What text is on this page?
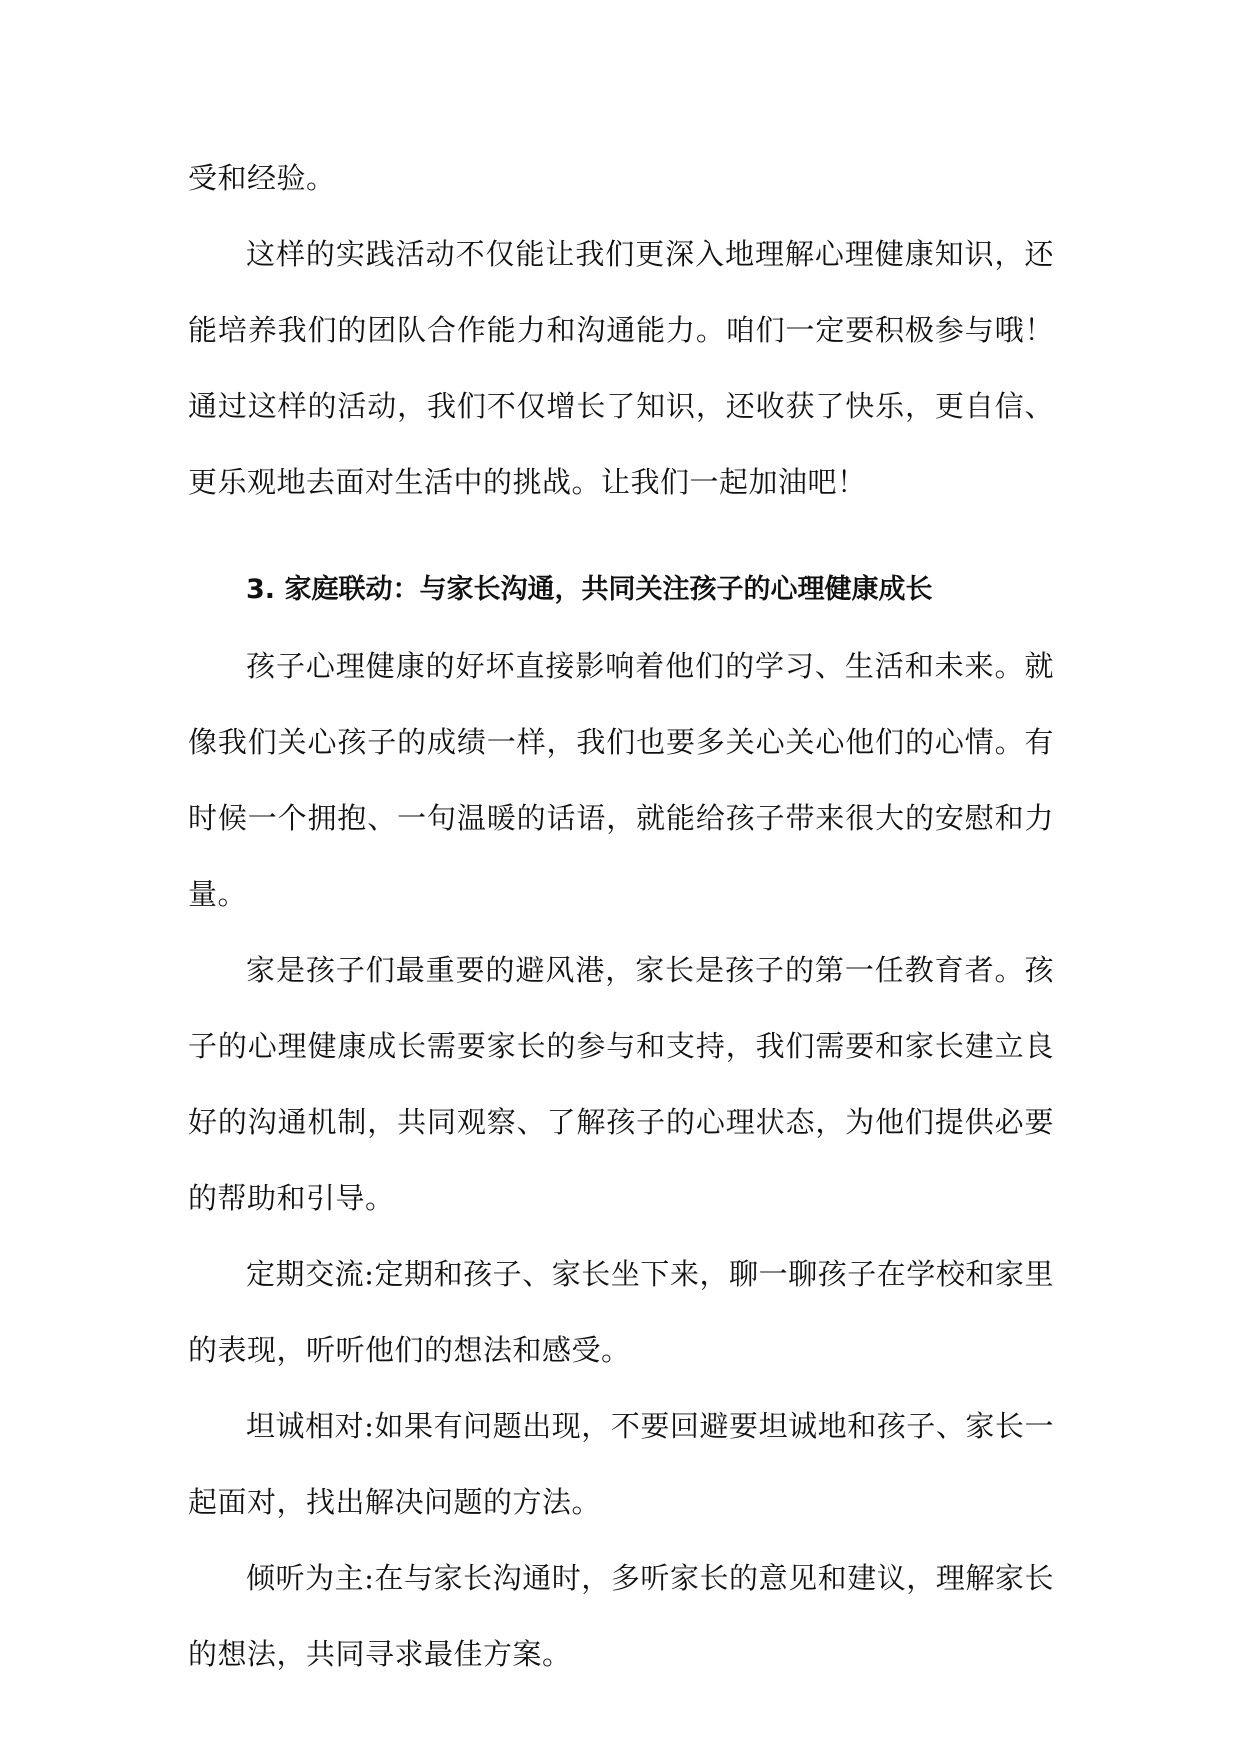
受和经验。

这样的实践活动不仅能让我们更深入地理解心理健康知识，还能培养我们的团队合作能力和沟通能力。咱们一定要积极参与哦！通过这样的活动，我们不仅增长了知识，还收获了快乐，更自信、更乐观地去面对生活中的挑战。让我们一起加油吧！

3. 家庭联动：与家长沟通，共同关注孩子的心理健康成长

孩子心理健康的好坏直接影响着他们的学习、生活和未来。就像我们关心孩子的成绩一样，我们也要多关心关心他们的心情。有时候一个拥抱、一句温暖的话语，就能给孩子带来很大的安慰和力量。

家是孩子们最重要的避风港，家长是孩子的第一任教育者。孩子的心理健康成长需要家长的参与和支持，我们需要和家长建立良好的沟通机制，共同观察、了解孩子的心理状态，为他们提供必要的帮助和引导。

定期交流:定期和孩子、家长坐下来，聊一聊孩子在学校和家里的表现，听听他们的想法和感受。

坦诚相对:如果有问题出现，不要回避要坦诚地和孩子、家长一起面对，找出解决问题的方法。

倾听为主:在与家长沟通时，多听家长的意见和建议，理解家长的想法，共同寻求最佳方案。
